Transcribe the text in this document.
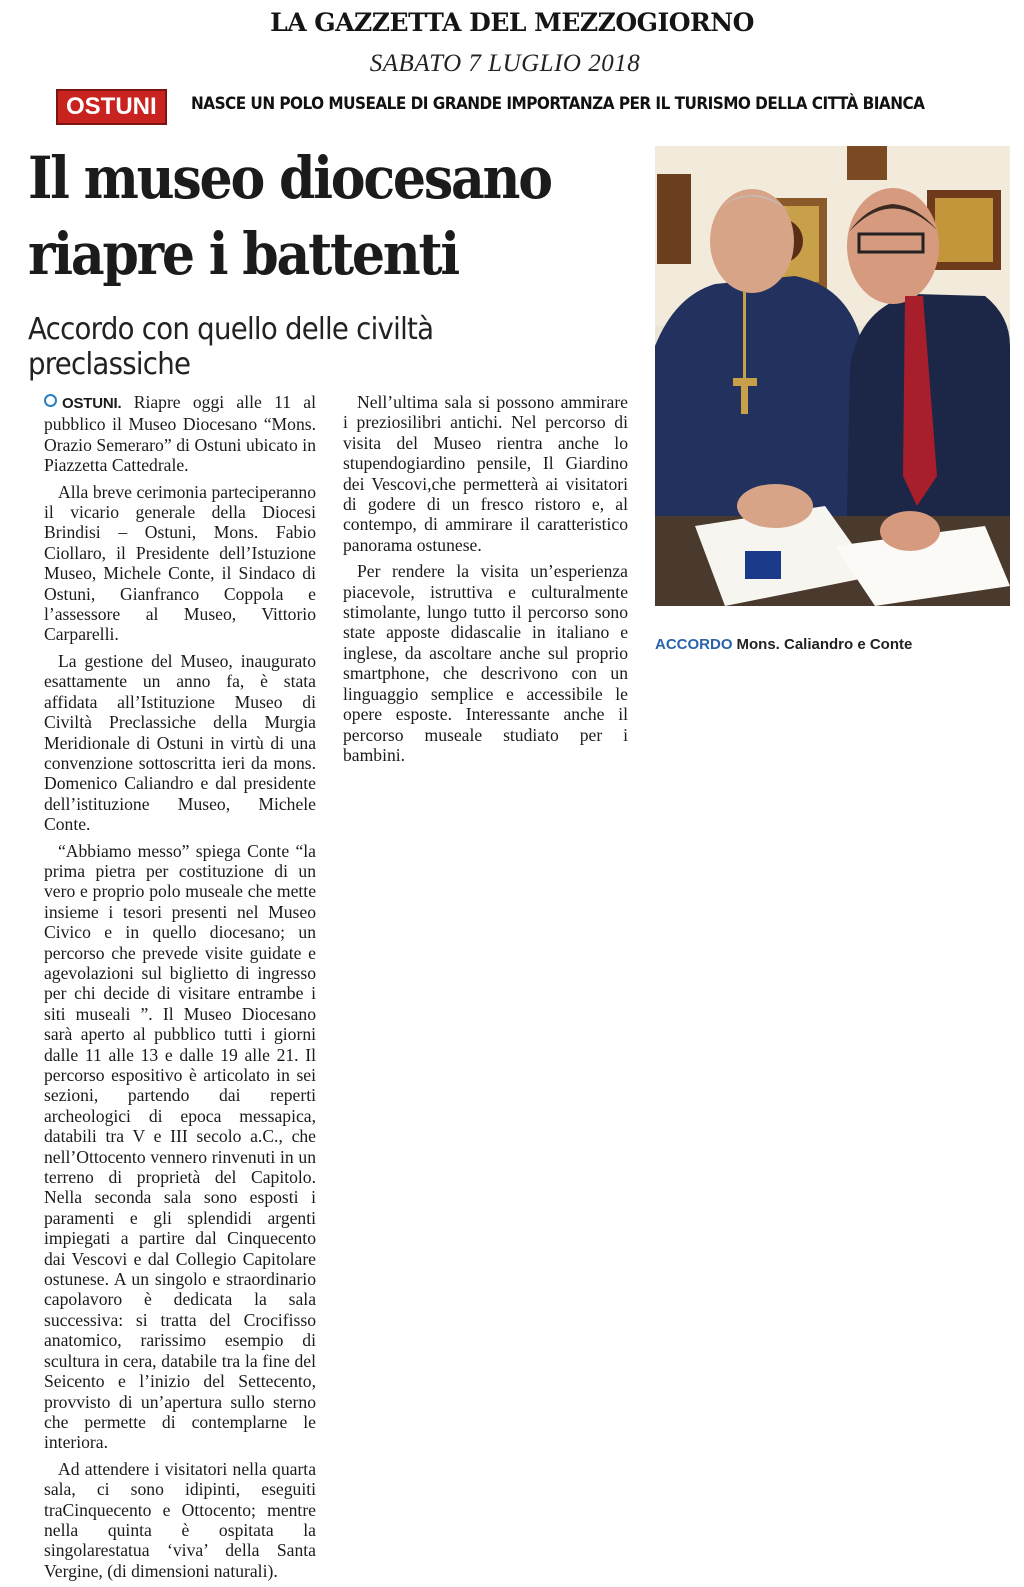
LA GAZZETTA DEL MEZZOGIORNO
SABATO 7 LUGLIO 2018
OSTUNI	NASCE UN POLO MUSEALE DI GRANDE IMPORTANZA PER IL TURISMO DELLA CITTÀ BIANCA
Il museo diocesano
riapre i battenti
Accordo con quello delle civiltà preclassiche

OSTUNI. Riapre oggi alle 11 al pubblico il Museo Diocesano “Mons. Orazio Semeraro” di Ostuni ubicato in Piazzetta Cattedrale.

Alla breve cerimonia parteciperanno il vicario generale della Diocesi Brindisi – Ostuni, Mons. Fabio Ciollaro, il Presidente dell’Istuzione Museo, Michele Conte, il Sindaco di Ostuni, Gianfranco Coppola e l’assessore al Museo, Vittorio Carparelli.

La gestione del Museo, inaugurato esattamente un anno fa, è stata affidata all’Istituzione Museo di Civiltà Preclassiche della Murgia Meridionale di Ostuni in virtù di una convenzione sottoscritta ieri da mons. Domenico Caliandro e dal presidente dell’istituzione Museo, Michele Conte.

“Abbiamo messo” spiega Conte “la prima pietra per costituzione di un vero e proprio polo museale che mette insieme i tesori presenti nel Museo Civico e in quello diocesano; un percorso che prevede visite guidate e agevolazioni sul biglietto di ingresso per chi decide di visitare entrambe i siti museali ”. Il Museo Diocesano sarà aperto al pubblico tutti i giorni dalle 11 alle 13 e dalle 19 alle 21. Il percorso espositivo è articolato in sei sezioni, partendo dai reperti archeologici di epoca messapica, databili tra V e III secolo a.C., che nell’Ottocento vennero rinvenuti in un terreno di proprietà del Capitolo. Nella seconda sala sono esposti i paramenti e gli splendidi argenti impiegati a partire dal Cinquecento dai Vescovi e dal Collegio Capitolare ostunese. A un singolo e straordinario capolavoro è dedicata la sala successiva: si tratta del Crocifisso anatomico, rarissimo esempio di scultura in cera, databile tra la fine del Seicento e l’inizio del Settecento, provvisto di un’apertura sullo sterno che permette di contemplarne le interiora.

Ad attendere i visitatori nella quarta sala, ci sono idipinti, eseguiti traCinquecento e Ottocento; mentre nella quinta è ospitata la singolarestatua ‘viva’ della Santa Vergine, (di dimensioni naturali).

Nell’ultima sala si possono ammirare i preziosilibri antichi. Nel percorso di visita del Museo rientra anche lo stupendogiardino pensile, Il Giardino dei Vescovi,che permetterà ai visitatori di godere di un fresco ristoro e, al contempo, di ammirare il caratteristico panorama ostunese.

Per rendere la visita un’esperienza piacevole, istruttiva e culturalmente stimolante, lungo tutto il percorso sono state apposte didascalie in italiano e inglese, da ascoltare anche sul proprio smartphone, che descrivono con un linguaggio semplice e accessibile le opere esposte. Interessante anche il percorso museale studiato per i bambini.

ACCORDO Mons. Caliandro e Conte
